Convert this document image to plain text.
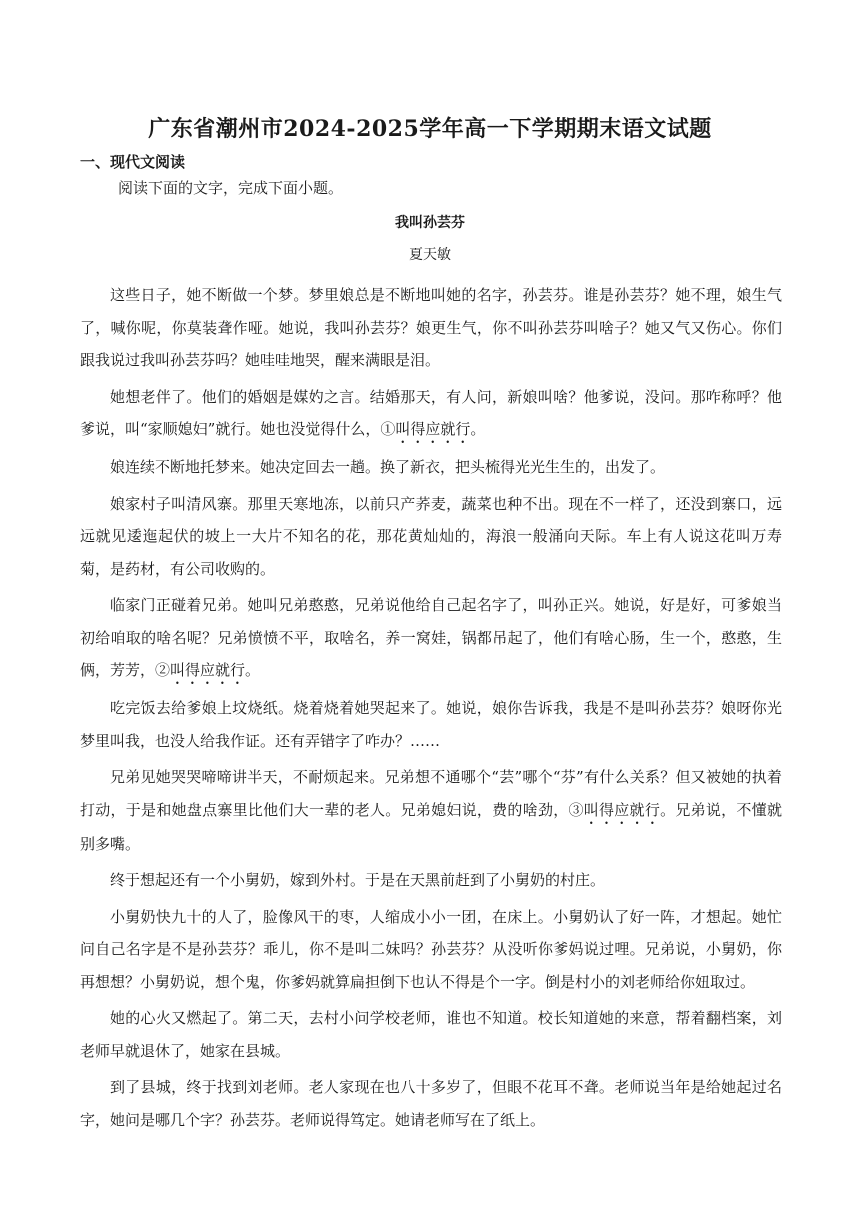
广东省潮州市2024-2025学年高一下学期期末语文试题
一、现代文阅读
阅读下面的文字，完成下面小题。
我叫孙芸芬
夏天敏

这些日子，她不断做一个梦。梦里娘总是不断地叫她的名字，孙芸芬。谁是孙芸芬？她不理，娘生气了，喊你呢，你莫装聋作哑。她说，我叫孙芸芬？娘更生气，你不叫孙芸芬叫啥子？她又气又伤心。你们跟我说过我叫孙芸芬吗？她哇哇地哭，醒来满眼是泪。

她想老伴了。他们的婚姻是媒妁之言。结婚那天，有人问，新娘叫啥？他爹说，没问。那咋称呼？他爹说，叫“家顺媳妇”就行。她也没觉得什么，①叫得应就行。

娘连续不断地托梦来。她决定回去一趟。换了新衣，把头梳得光光生生的，出发了。

娘家村子叫清风寨。那里天寒地冻，以前只产荞麦，蔬菜也种不出。现在不一样了，还没到寨口，远远就见逶迤起伏的坡上一大片不知名的花，那花黄灿灿的，海浪一般涌向天际。车上有人说这花叫万寿菊，是药材，有公司收购的。

临家门正碰着兄弟。她叫兄弟憨憨，兄弟说他给自己起名字了，叫孙正兴。她说，好是好，可爹娘当初给咱取的啥名呢？兄弟愤愤不平，取啥名，养一窝娃，锅都吊起了，他们有啥心肠，生一个，憨憨，生俩，芳芳，②叫得应就行。

吃完饭去给爹娘上坟烧纸。烧着烧着她哭起来了。她说，娘你告诉我，我是不是叫孙芸芬？娘呀你光梦里叫我，也没人给我作证。还有弄错字了咋办？……

兄弟见她哭哭啼啼讲半天，不耐烦起来。兄弟想不通哪个“芸”哪个“芬”有什么关系？但又被她的执着打动，于是和她盘点寨里比他们大一辈的老人。兄弟媳妇说，费的啥劲，③叫得应就行。兄弟说，不懂就别多嘴。

终于想起还有一个小舅奶，嫁到外村。于是在天黑前赶到了小舅奶的村庄。

小舅奶快九十的人了，脸像风干的枣，人缩成小小一团，在床上。小舅奶认了好一阵，才想起。她忙问自己名字是不是孙芸芬？乖儿，你不是叫二妹吗？孙芸芬？从没听你爹妈说过哩。兄弟说，小舅奶，你再想想？小舅奶说，想个鬼，你爹妈就算扁担倒下也认不得是个一字。倒是村小的刘老师给你妞取过。

她的心火又燃起了。第二天，去村小问学校老师，谁也不知道。校长知道她的来意，帮着翻档案，刘老师早就退休了，她家在县城。

到了县城，终于找到刘老师。老人家现在也八十多岁了，但眼不花耳不聋。老师说当年是给她起过名字，她问是哪几个字？孙芸芬。老师说得笃定。她请老师写在了纸上。
